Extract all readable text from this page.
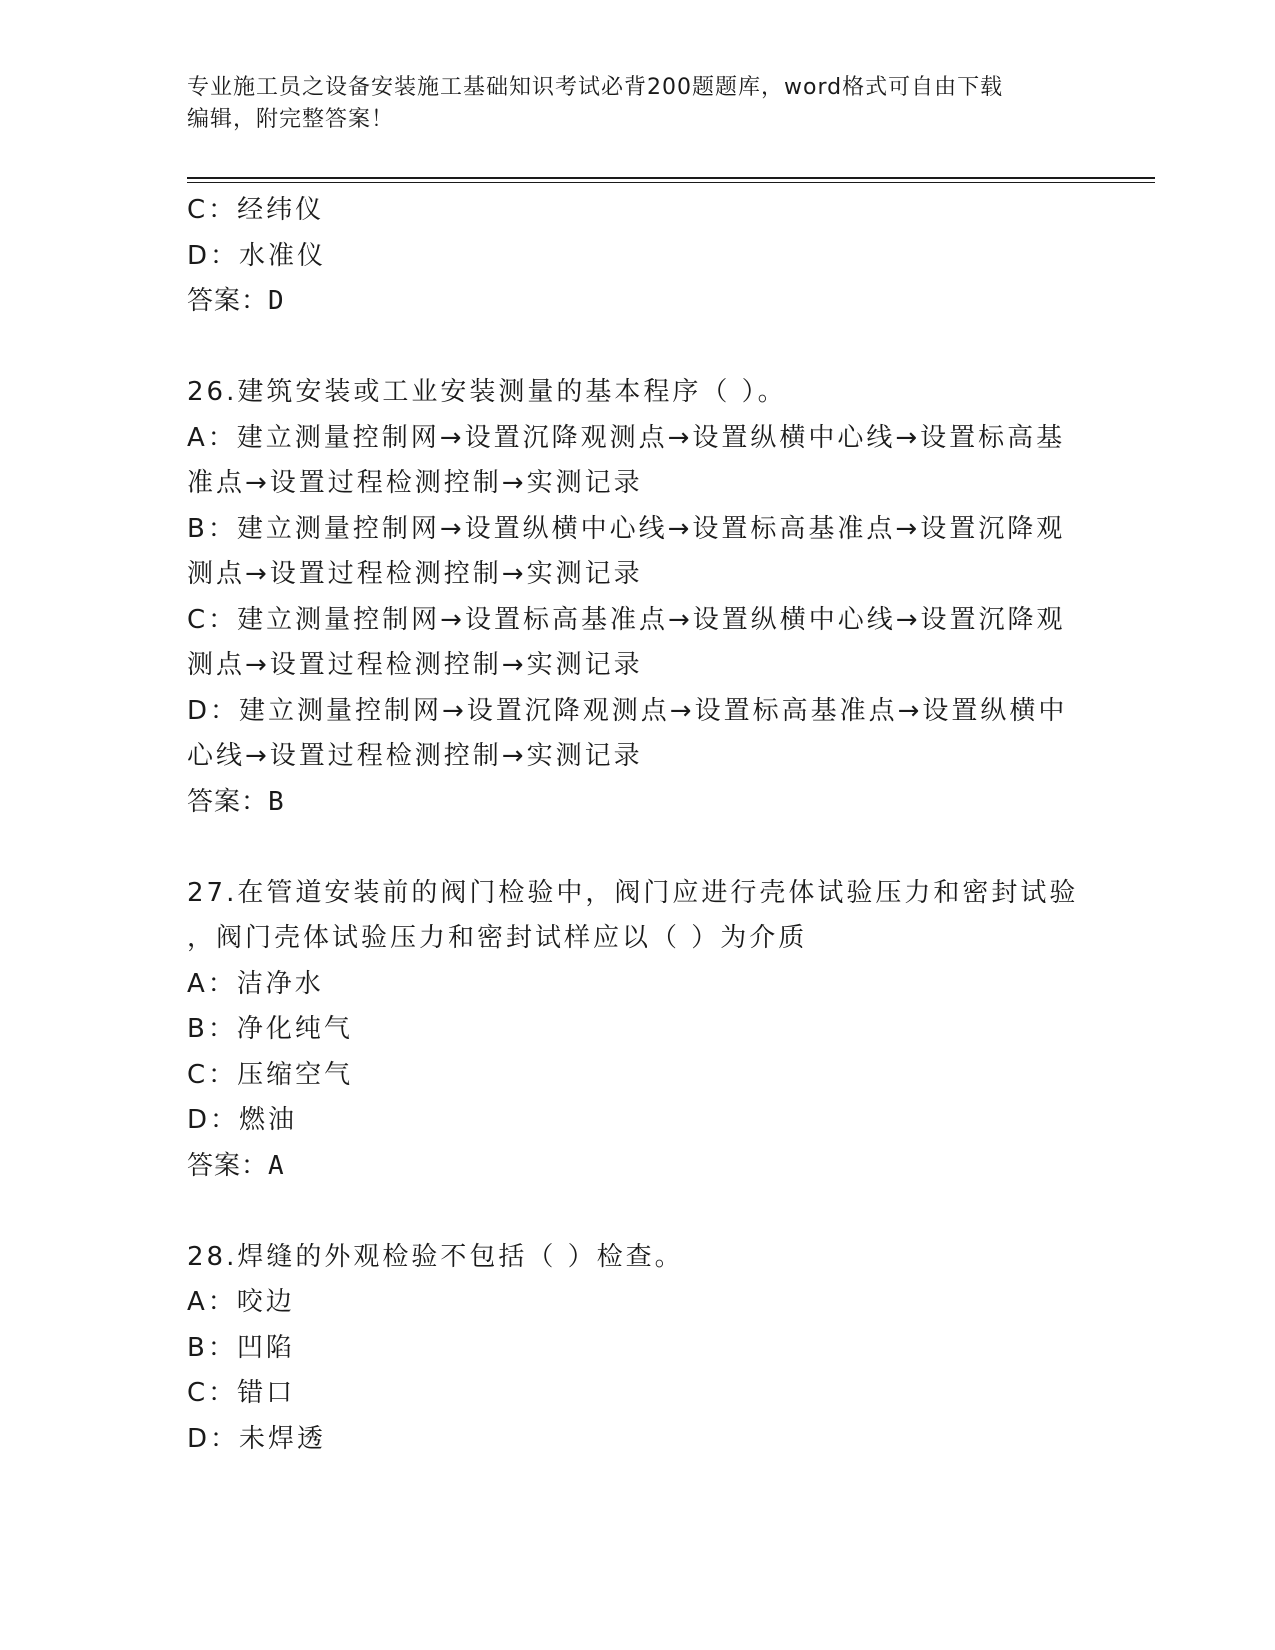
专业施工员之设备安装施工基础知识考试必背200题题库，word格式可自由下载
编辑，附完整答案！
C：经纬仪
D：水准仪
答案：D
26.建筑安装或工业安装测量的基本程序（ ）。
A：建立测量控制网→设置沉降观测点→设置纵横中心线→设置标高基
准点→设置过程检测控制→实测记录
B：建立测量控制网→设置纵横中心线→设置标高基准点→设置沉降观
测点→设置过程检测控制→实测记录
C：建立测量控制网→设置标高基准点→设置纵横中心线→设置沉降观
测点→设置过程检测控制→实测记录
D：建立测量控制网→设置沉降观测点→设置标高基准点→设置纵横中
心线→设置过程检测控制→实测记录
答案：B
27.在管道安装前的阀门检验中，阀门应进行壳体试验压力和密封试验
，阀门壳体试验压力和密封试样应以（ ）为介质
A：洁净水
B：净化纯气
C：压缩空气
D：燃油
答案：A
28.焊缝的外观检验不包括（ ）检查。
A：咬边
B：凹陷
C：错口
D：未焊透
